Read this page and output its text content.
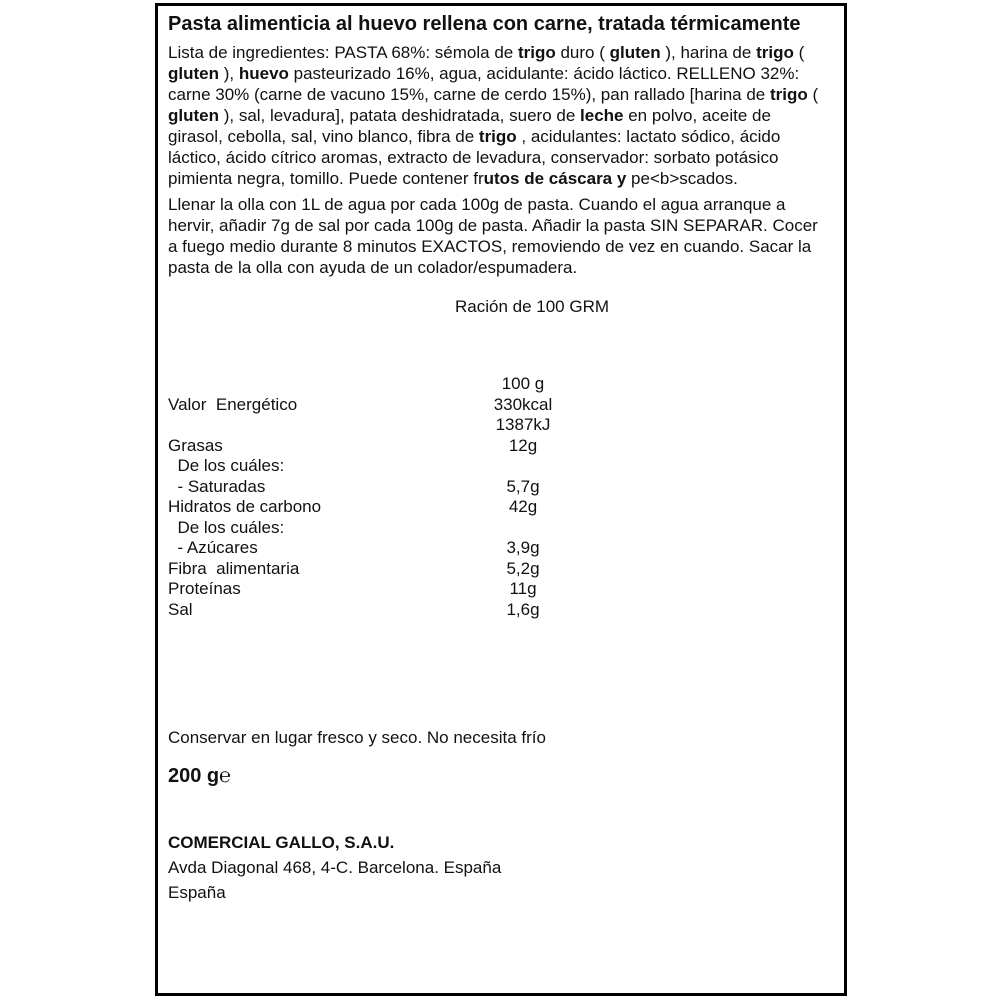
Pasta alimenticia al huevo rellena con carne, tratada térmicamente
Lista de ingredientes: PASTA 68%: sémola de trigo duro ( gluten ), harina de trigo ( gluten ), huevo pasteurizado 16%, agua, acidulante: ácido láctico. RELLENO 32%: carne 30% (carne de vacuno 15%, carne de cerdo 15%), pan rallado [harina de trigo ( gluten ), sal, levadura], patata deshidratada, suero de leche en polvo, aceite de girasol, cebolla, sal, vino blanco, fibra de trigo , acidulantes: lactato sódico, ácido láctico, ácido cítrico aromas, extracto de levadura, conservador: sorbato potásico pimienta negra, tomillo. Puede contener frutos de cáscara y pe<b>scados.
Llenar la olla con 1L de agua por cada 100g de pasta. Cuando el agua arranque a hervir, añadir 7g de sal por cada 100g de pasta. Añadir la pasta SIN SEPARAR. Cocer a fuego medio durante 8 minutos EXACTOS, removiendo de vez en cuando. Sacar la pasta de la olla con ayuda de un colador/espumadera.
Ración de 100 GRM
100 g
Valor  Energético	330kcal
1387kJ
Grasas	12g
De los cuáles:
- Saturadas	5,7g
Hidratos de carbono	42g
De los cuáles:
- Azúcares	3,9g
Fibra  alimentaria	5,2g
Proteínas	11g
Sal	1,6g
Conservar en lugar fresco y seco. No necesita frío
200 g℮
COMERCIAL GALLO, S.A.U.
Avda Diagonal 468, 4-C. Barcelona. España
España
